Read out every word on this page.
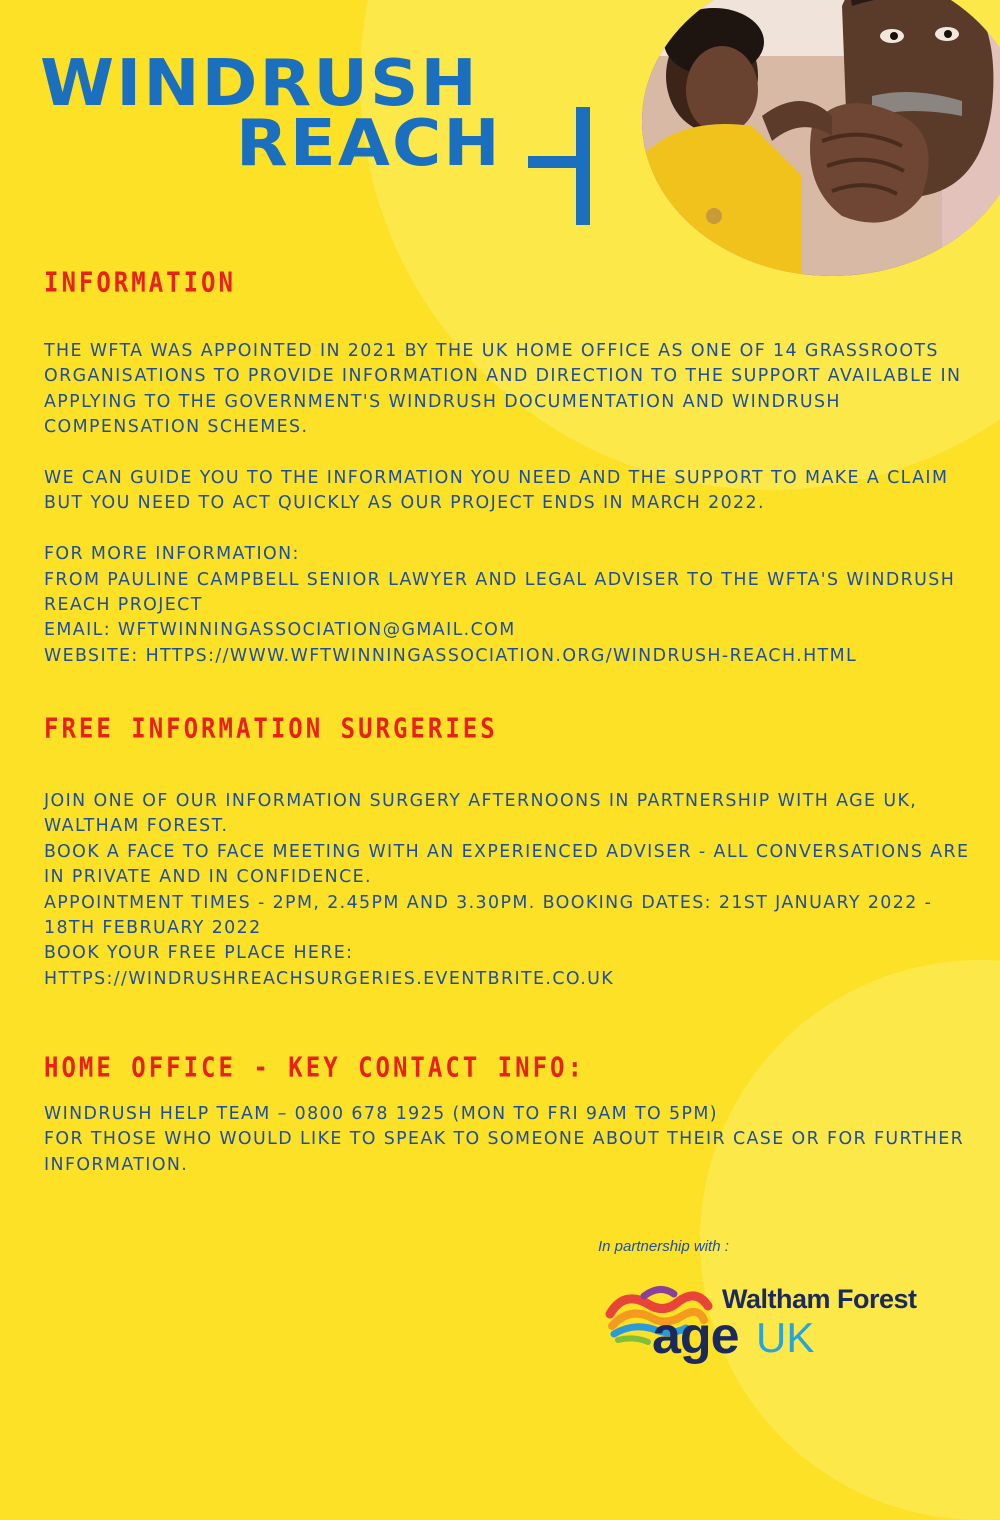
WINDRUSH

REACH

INFORMATION

THE WFTA WAS APPOINTED IN 2021 BY THE UK HOME OFFICE AS ONE OF 14 GRASSROOTS ORGANISATIONS TO PROVIDE INFORMATION AND DIRECTION TO THE SUPPORT AVAILABLE IN APPLYING TO THE GOVERNMENT'S WINDRUSH DOCUMENTATION AND WINDRUSH COMPENSATION SCHEMES.

WE CAN GUIDE YOU TO THE INFORMATION YOU NEED AND THE SUPPORT TO MAKE A CLAIM BUT YOU NEED TO ACT QUICKLY AS OUR PROJECT ENDS IN MARCH 2022.

FOR MORE INFORMATION:

FROM PAULINE CAMPBELL SENIOR LAWYER AND LEGAL ADVISER TO THE WFTA'S WINDRUSH REACH PROJECT

EMAIL: WFTWINNINGASSOCIATION@GMAIL.COM

WEBSITE: HTTPS://WWW.WFTWINNINGASSOCIATION.ORG/WINDRUSH-REACH.HTML

FREE INFORMATION SURGERIES

JOIN ONE OF OUR INFORMATION SURGERY AFTERNOONS IN PARTNERSHIP WITH AGE UK, WALTHAM FOREST.

BOOK A FACE TO FACE MEETING WITH AN EXPERIENCED ADVISER - ALL CONVERSATIONS ARE IN PRIVATE AND IN CONFIDENCE.

APPOINTMENT TIMES - 2PM, 2.45PM AND 3.30PM. BOOKING DATES: 21ST JANUARY 2022 - 18TH FEBRUARY 2022

BOOK YOUR FREE PLACE HERE:

HTTPS://WINDRUSHREACHSURGERIES.EVENTBRITE.CO.UK

HOME OFFICE - KEY CONTACT INFO:

WINDRUSH HELP TEAM – 0800 678 1925 (MON TO FRI 9AM TO 5PM)

FOR THOSE WHO WOULD LIKE TO SPEAK TO SOMEONE ABOUT THEIR CASE OR FOR FURTHER INFORMATION.

In partnership with :

Waltham Forest

age UK
